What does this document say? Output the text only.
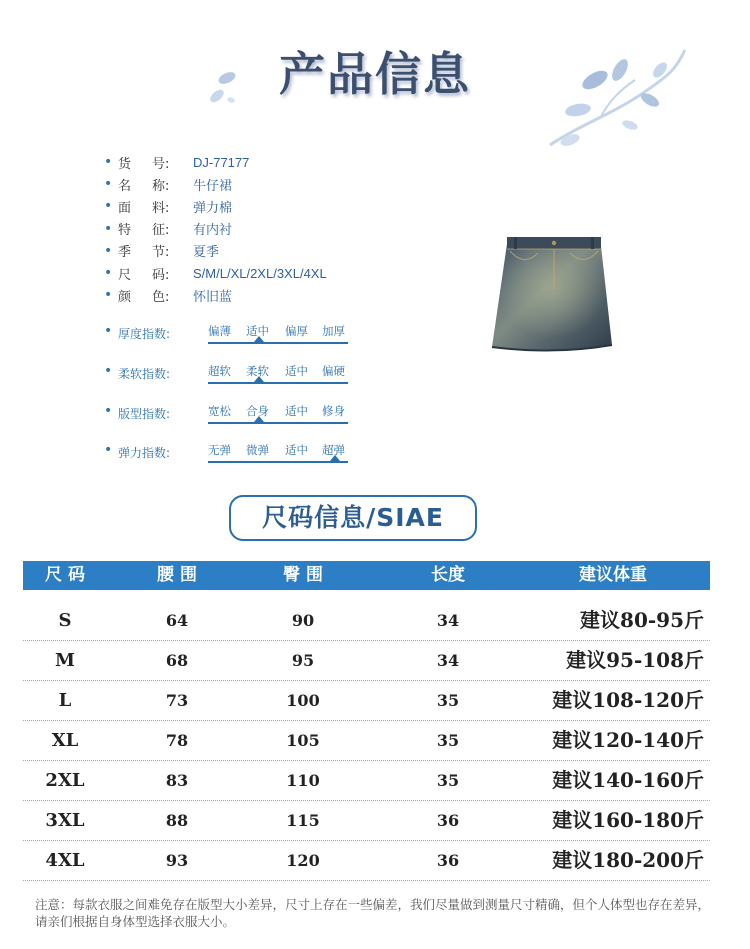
产品信息
• 货 号:	DJ-77177
• 名 称:	牛仔裙
• 面 料:	弹力棉
• 特 征:	有内衬
• 季 节:	夏季
• 尺 码:	S/M/L/XL/2XL/3XL/4XL
• 颜 色:	怀旧蓝
• 厚度指数:	偏薄 适中 偏厚 加厚
• 柔软指数:	超软 柔软 适中 偏硬
• 版型指数:	宽松 合身 适中 修身
• 弹力指数:	无弹 微弹 适中 超弹
尺码信息/SIAE
尺 码	腰 围	臀 围	长度	建议体重
S	64	90	34	建议80-95斤
M	68	95	34	建议95-108斤
L	73	100	35	建议108-120斤
XL	78	105	35	建议120-140斤
2XL	83	110	35	建议140-160斤
3XL	88	115	36	建议160-180斤
4XL	93	120	36	建议180-200斤
注意：每款衣服之间难免存在版型大小差异，尺寸上存在一些偏差，我们尽量做到测量尺寸精确，但个人体型也存在差异，请亲们根据自身体型选择衣服大小。
